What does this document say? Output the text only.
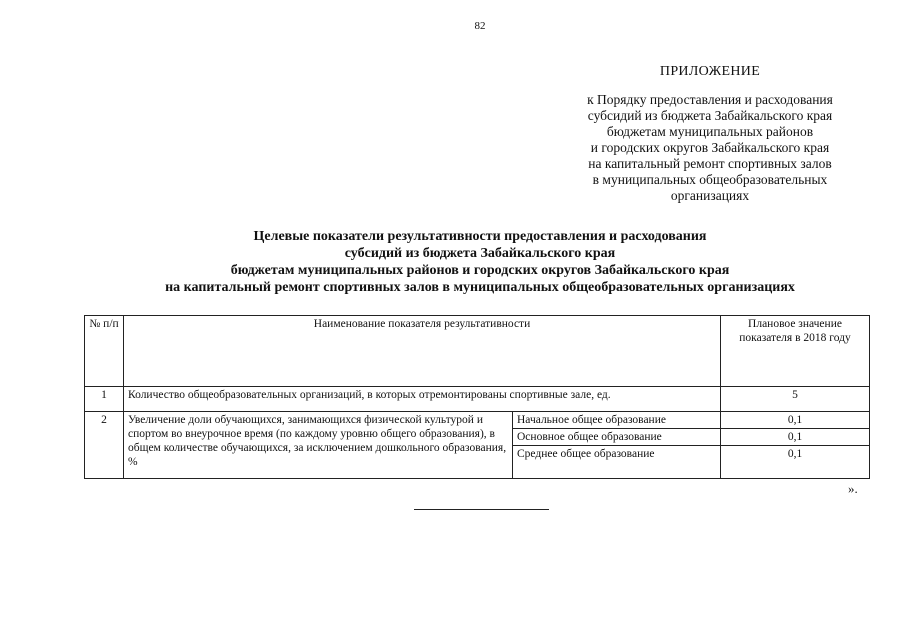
82
ПРИЛОЖЕНИЕ
к Порядку предоставления и расходования
субсидий из бюджета Забайкальского края
бюджетам муниципальных районов
и городских округов Забайкальского края
на капитальный ремонт спортивных залов
в муниципальных общеобразовательных
организациях
Целевые показатели результативности предоставления и расходования
субсидий из бюджета Забайкальского края
бюджетам муниципальных районов и городских округов Забайкальского края
на капитальный ремонт спортивных залов в муниципальных общеобразовательных организациях
№ п/п	Наименование показателя результативности		Плановое значение показателя в 2018 году
1	Количество общеобразовательных организаций, в которых отремонтированы спортивные зале, ед.		5
2	Увеличение доли обучающихся, занимающихся физической культурой и спортом во внеурочное время (по каждому уровню общего образования), в общем количестве обучающихся, за исключением дошкольного образования, %	Начальное общее образование	0,1
		Основное общее образование	0,1
		Среднее общее образование	0,1
».
